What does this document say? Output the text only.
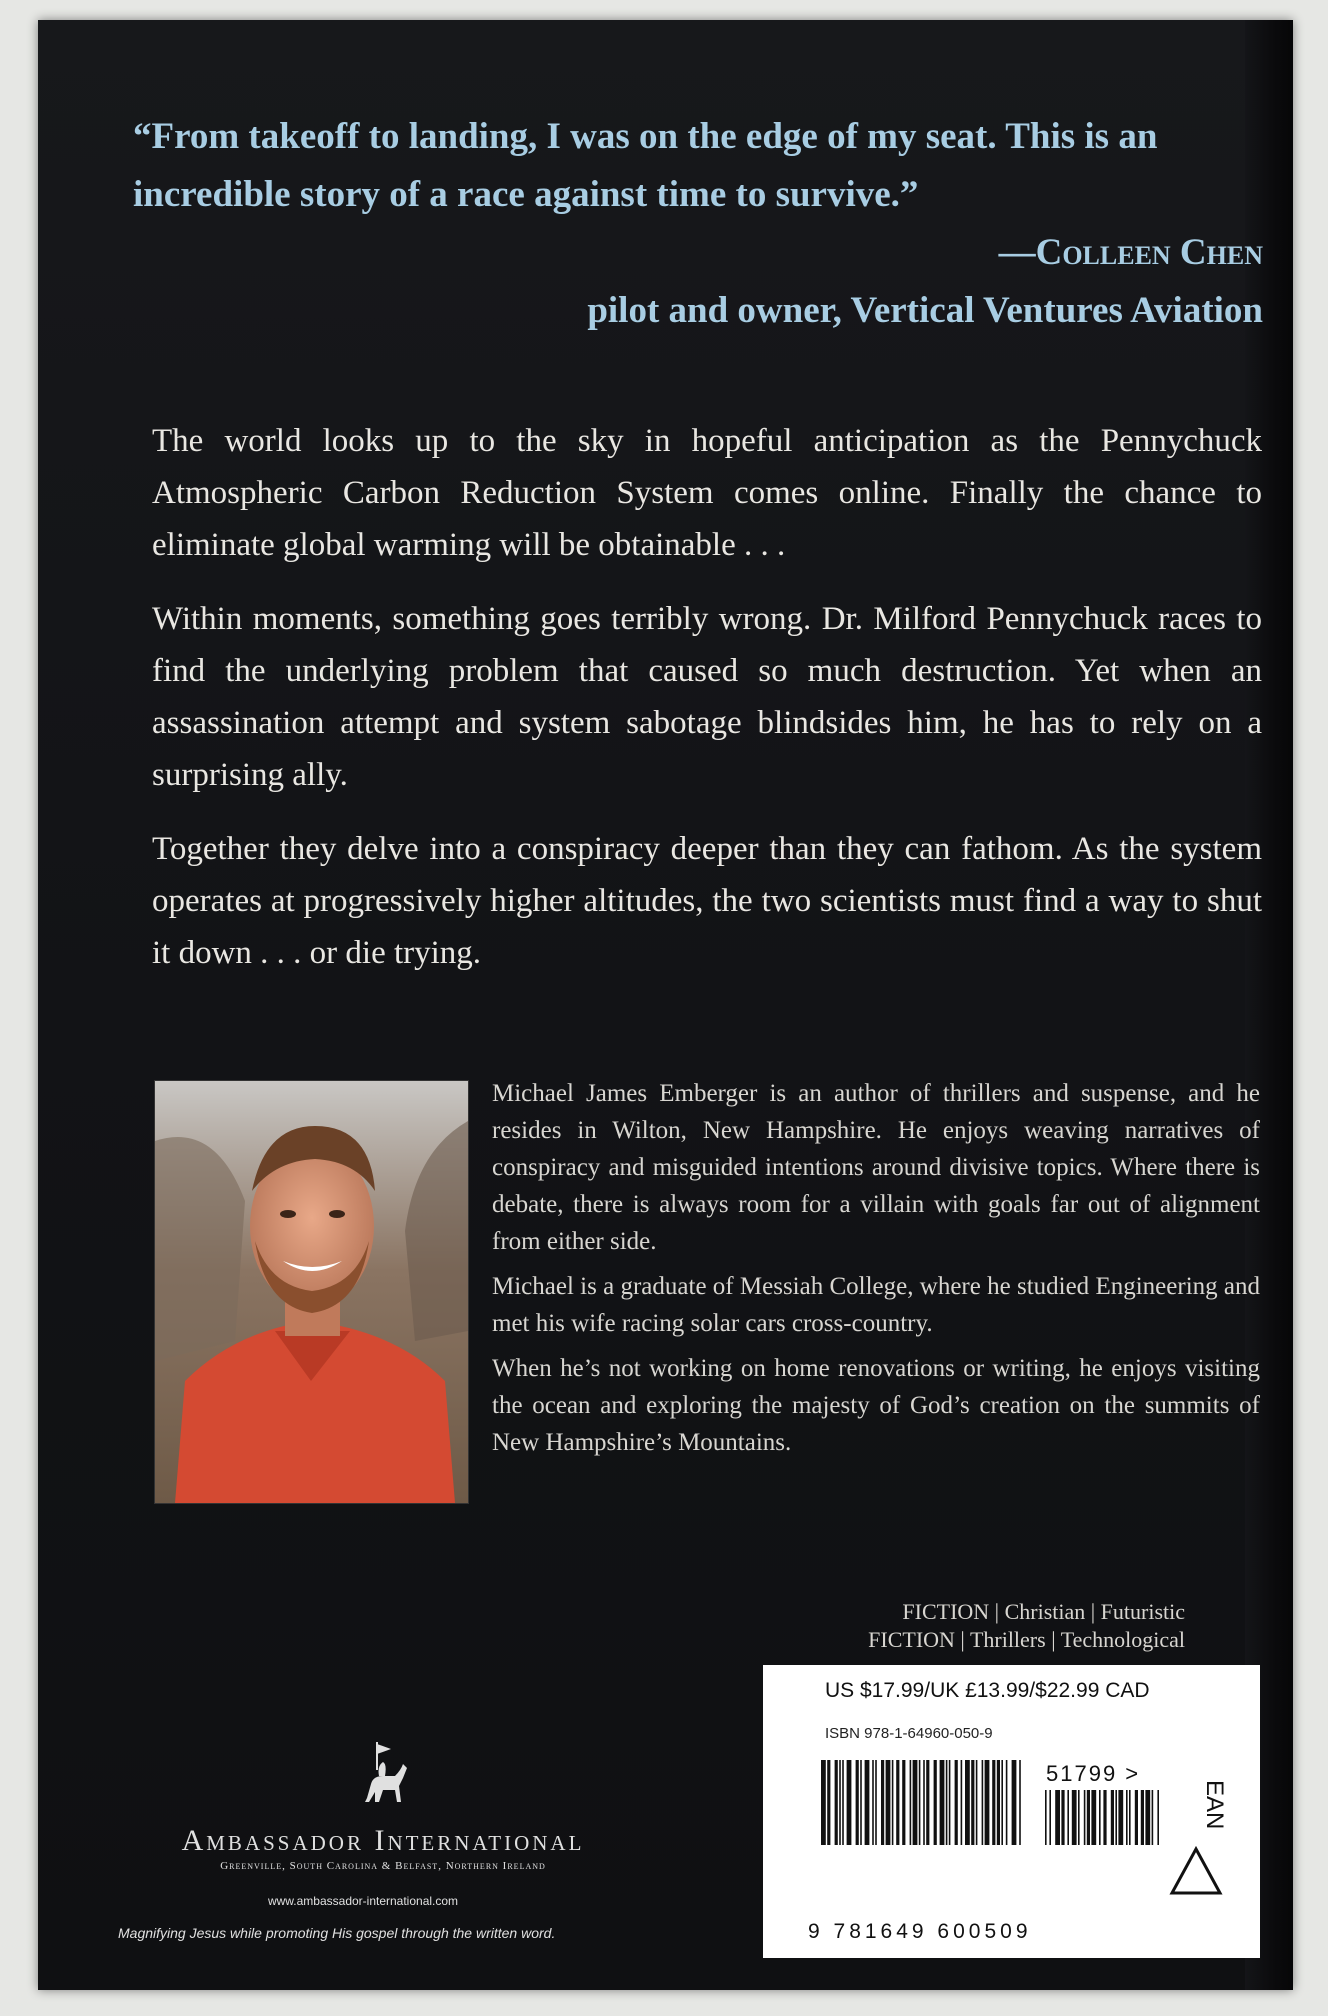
“From takeoff to landing, I was on the edge of my seat. This is an incredible story of a race against time to survive.”
—Colleen Chen
pilot and owner, Vertical Ventures Aviation

The world looks up to the sky in hopeful anticipation as the Pennychuck Atmospheric Carbon Reduction System comes online. Finally the chance to eliminate global warming will be obtainable . . .

Within moments, something goes terribly wrong. Dr. Milford Pennychuck races to find the underlying problem that caused so much destruction. Yet when an assassination attempt and system sabotage blindsides him, he has to rely on a surprising ally.

Together they delve into a conspiracy deeper than they can fathom. As the system operates at progressively higher altitudes, the two scientists must find a way to shut it down . . . or die trying.

Michael James Emberger is an author of thrillers and suspense, and he resides in Wilton, New Hampshire. He enjoys weaving narratives of conspiracy and misguided intentions around divisive topics. Where there is debate, there is always room for a villain with goals far out of alignment from either side.

Michael is a graduate of Messiah College, where he studied Engineering and met his wife racing solar cars cross-country.

When he’s not working on home renovations or writing, he enjoys visiting the ocean and exploring the majesty of God’s creation on the summits of New Hampshire’s Mountains.

FICTION | Christian | Futuristic
FICTION | Thrillers | Technological
US $17.99/UK £13.99/$22.99 CAD
ISBN 978-1-64960-050-9
51799 >
EAN
9 781649 600509
Ambassador International
Greenville, South Carolina & Belfast, Northern Ireland
www.ambassador-international.com
Magnifying Jesus while promoting His gospel through the written word.
